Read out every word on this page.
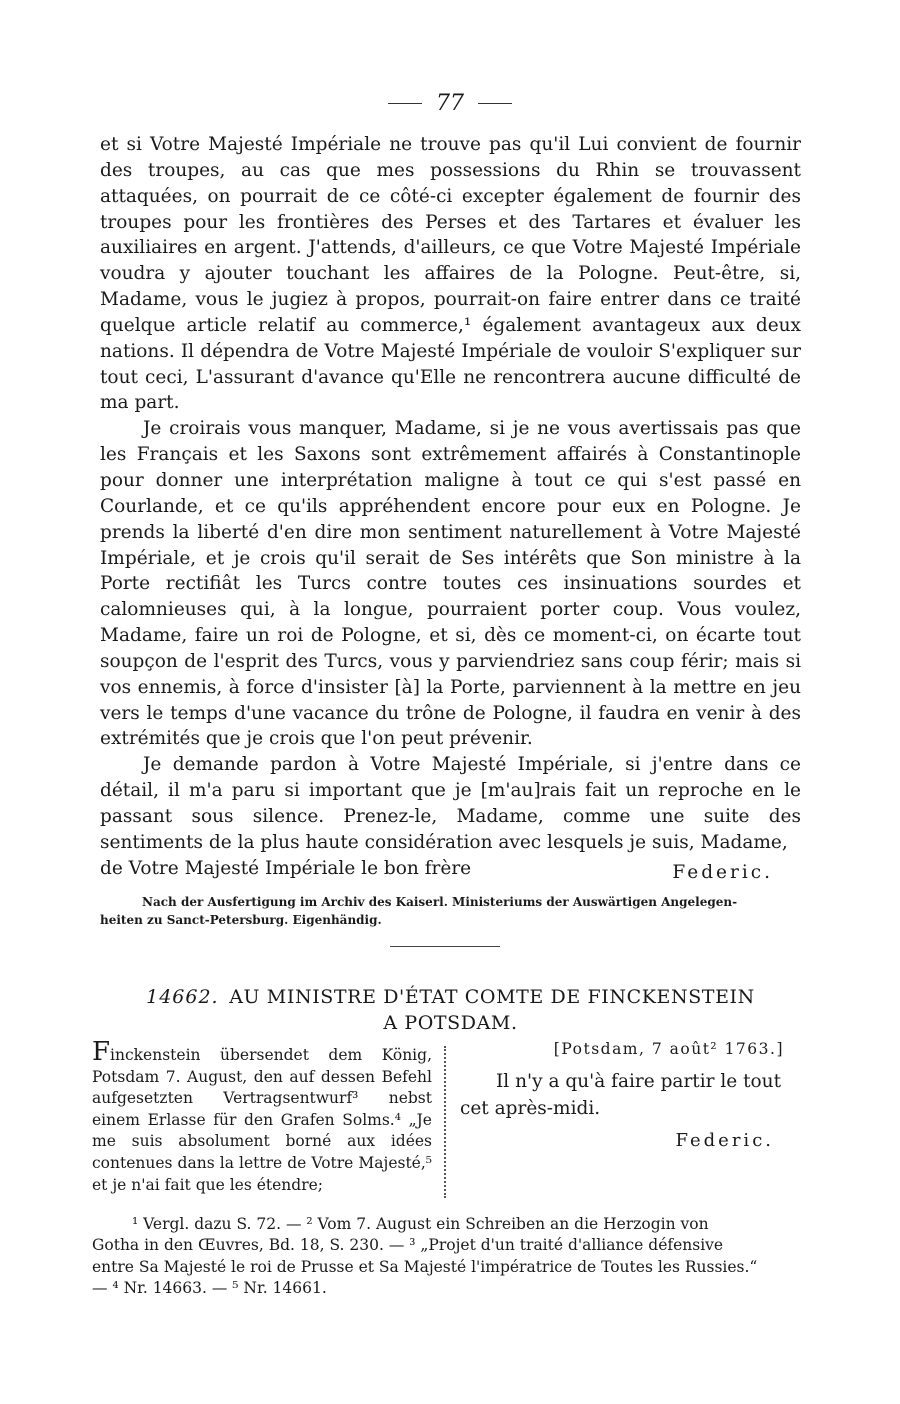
77

et si Votre Majesté Impériale ne trouve pas qu'il Lui convient de fournir des troupes, au cas que mes possessions du Rhin se trouvassent attaquées, on pourrait de ce côté-ci excepter également de fournir des troupes pour les frontières des Perses et des Tartares et évaluer les auxiliaires en argent. J'attends, d'ailleurs, ce que Votre Majesté Impériale voudra y ajouter touchant les affaires de la Pologne. Peut-être, si, Madame, vous le jugiez à propos, pourrait-on faire entrer dans ce traité quelque article relatif au commerce,¹ également avantageux aux deux nations. Il dépendra de Votre Majesté Impériale de vouloir S'expliquer sur tout ceci, L'assurant d'avance qu'Elle ne rencontrera aucune difficulté de ma part.

Je croirais vous manquer, Madame, si je ne vous avertissais pas que les Français et les Saxons sont extrêmement affairés à Constantinople pour donner une interprétation maligne à tout ce qui s'est passé en Courlande, et ce qu'ils appréhendent encore pour eux en Pologne. Je prends la liberté d'en dire mon sentiment naturellement à Votre Majesté Impériale, et je crois qu'il serait de Ses intérêts que Son ministre à la Porte rectifiât les Turcs contre toutes ces insinuations sourdes et calomnieuses qui, à la longue, pourraient porter coup. Vous voulez, Madame, faire un roi de Pologne, et si, dès ce moment-ci, on écarte tout soupçon de l'esprit des Turcs, vous y parviendriez sans coup férir; mais si vos ennemis, à force d'insister [à] la Porte, parviennent à la mettre en jeu vers le temps d'une vacance du trône de Pologne, il faudra en venir à des extrémités que je crois que l'on peut prévenir.

Je demande pardon à Votre Majesté Impériale, si j'entre dans ce détail, il m'a paru si important que je [m'au]rais fait un reproche en le passant sous silence. Prenez-le, Madame, comme une suite des sentiments de la plus haute considération avec lesquels je suis, Madame,

de Votre Majesté Impériale le bon frère	Federic.
Nach der Ausfertigung im Archiv des Kaiserl. Ministeriums der Auswärtigen Angelegen-
heiten zu Sanct-Petersburg. Eigenhändig.
14662. AU MINISTRE D'ÉTAT COMTE DE FINCKENSTEIN
A POTSDAM.
Finckenstein übersendet dem König, Potsdam 7. August, den auf dessen Befehl aufgesetzten Vertragsentwurf³ nebst einem Erlasse für den Grafen Solms.⁴ „Je me suis absolument borné aux idées contenues dans la lettre de Votre Majesté,⁵ et je n'ai fait que les étendre;
[Potsdam, 7 août² 1763.]
Il n'y a qu'à faire partir le tout cet après-midi.
Federic.

¹ Vergl. dazu S. 72. — ² Vom 7. August ein Schreiben an die Herzogin von

Gotha in den Œuvres, Bd. 18, S. 230. — ³ „Projet d'un traité d'alliance défensive

entre Sa Majesté le roi de Prusse et Sa Majesté l'impératrice de Toutes les Russies.“

— ⁴ Nr. 14663. — ⁵ Nr. 14661.
